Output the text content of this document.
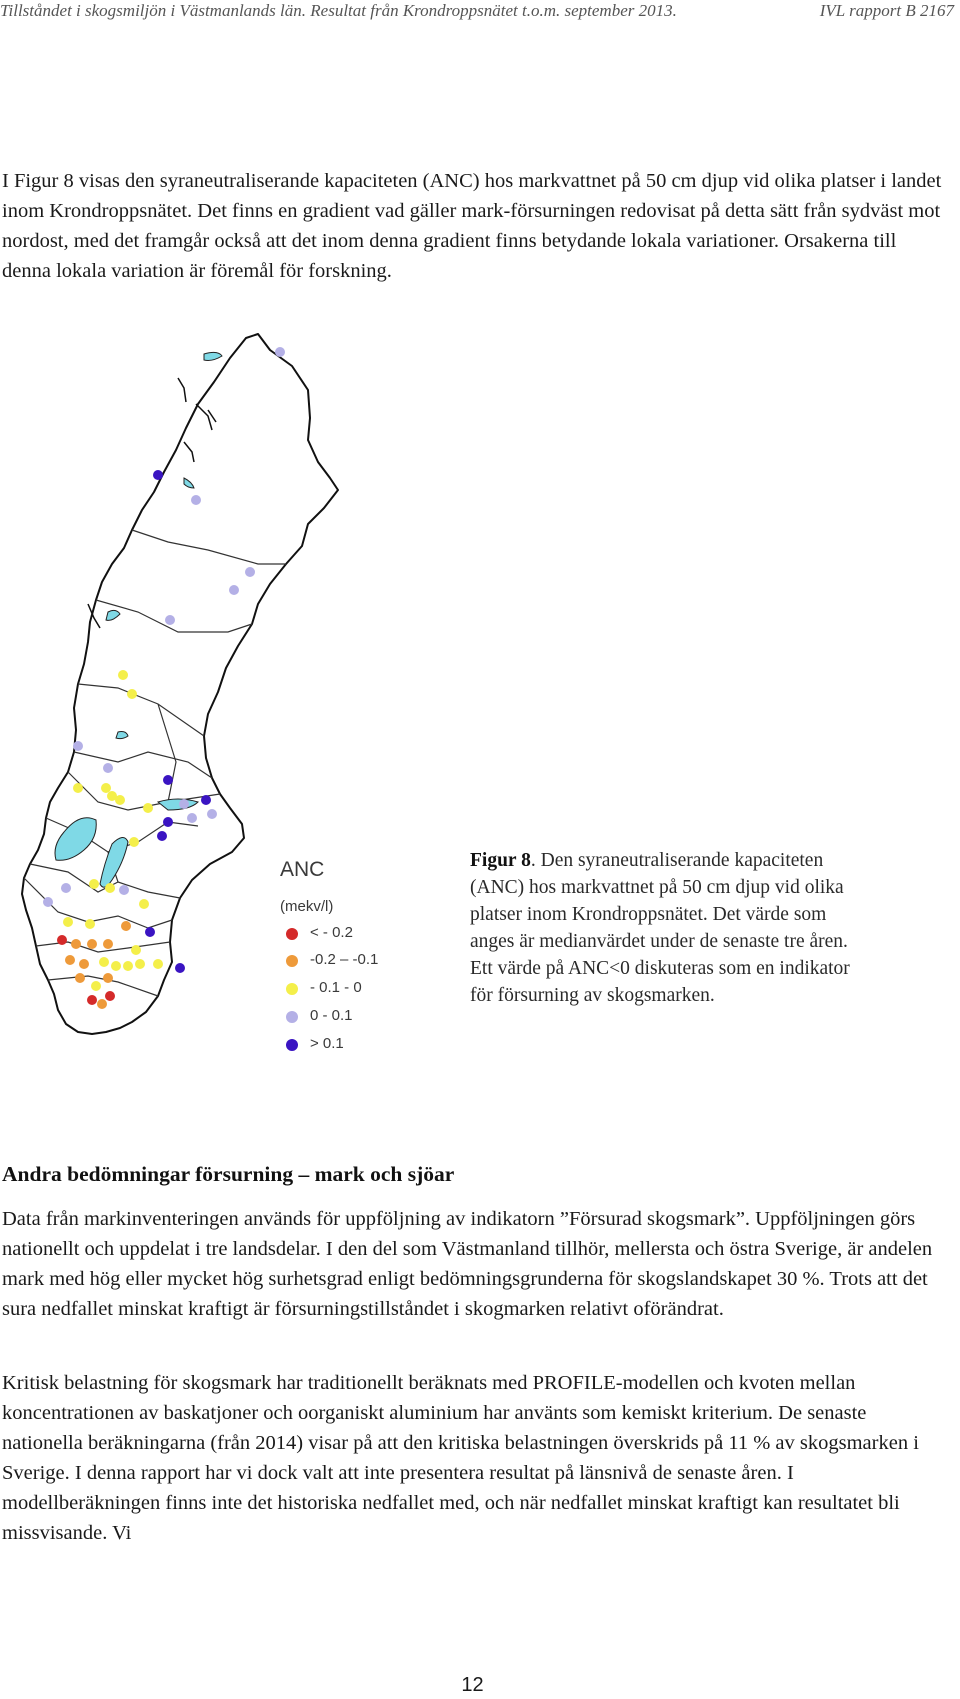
Tillståndet i skogsmiljön i Västmanlands län. Resultat från Krondroppsnätet t.o.m. september 2013.	IVL rapport B 2167
I Figur 8 visas den syraneutraliserande kapaciteten (ANC) hos markvattnet på 50 cm djup vid olika platser i landet inom Krondroppsnätet. Det finns en gradient vad gäller mark-försurningen redovisat på detta sätt från sydväst mot nordost, med det framgår också att det inom denna gradient finns betydande lokala variationer. Orsakerna till denna lokala variation är föremål för forskning.
ANC
(mekv/l)
< - 0.2
-0.2 – -0.1
- 0.1 - 0
0 - 0.1
> 0.1
Figur 8. Den syraneutraliserande kapaciteten (ANC) hos markvattnet på 50 cm djup vid olika platser inom Krondroppsnätet. Det värde som anges är medianvärdet under de senaste tre åren. Ett värde på ANC<0 diskuteras som en indikator för försurning av skogsmarken.
Andra bedömningar försurning – mark och sjöar
Data från markinventeringen används för uppföljning av indikatorn ”Försurad skogsmark”. Uppföljningen görs nationellt och uppdelat i tre landsdelar. I den del som Västmanland tillhör, mellersta och östra Sverige, är andelen mark med hög eller mycket hög surhetsgrad enligt bedömningsgrunderna för skogslandskapet 30 %. Trots att det sura nedfallet minskat kraftigt är försurningstillståndet i skogmarken relativt oförändrat.
Kritisk belastning för skogsmark har traditionellt beräknats med PROFILE-modellen och kvoten mellan koncentrationen av baskatjoner och oorganiskt aluminium har använts som kemiskt kriterium. De senaste nationella beräkningarna (från 2014) visar på att den kritiska belastningen överskrids på 11 % av skogsmarken i Sverige. I denna rapport har vi dock valt att inte presentera resultat på länsnivå de senaste åren. I modellberäkningen finns inte det historiska nedfallet med, och när nedfallet minskat kraftigt kan resultatet bli missvisande. Vi
12
